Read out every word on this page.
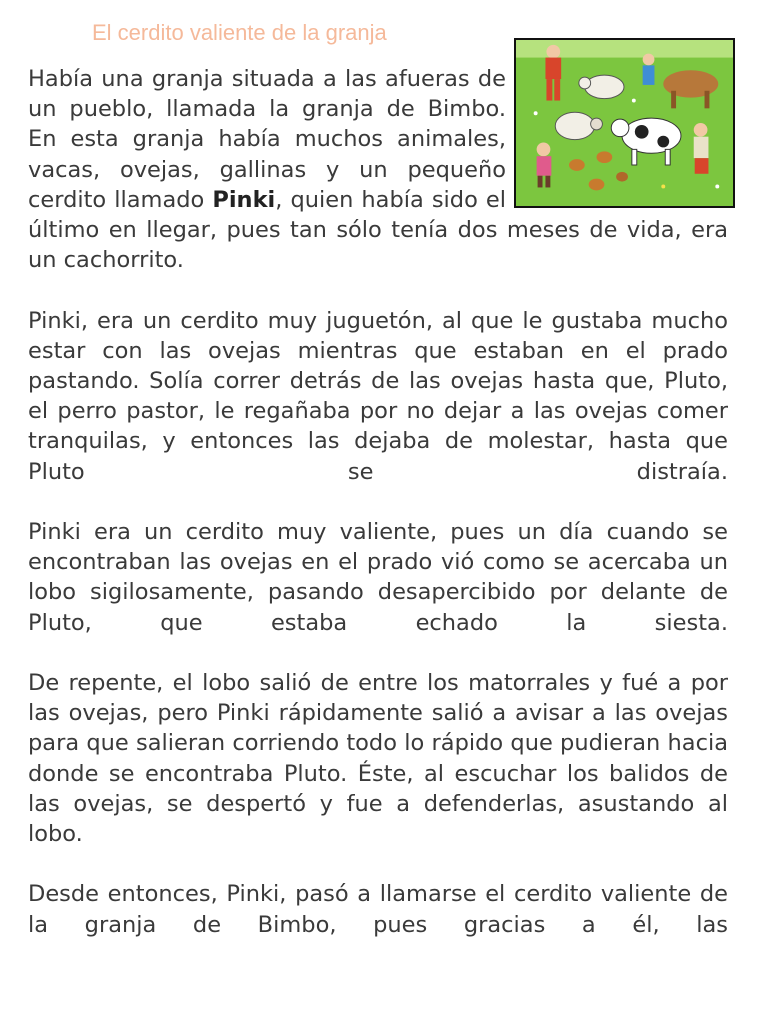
El cerdito valiente de la granja

Había una granja situada a las afueras de un pueblo, llamada la granja de Bimbo. En esta granja había muchos animales, vacas, ovejas, gallinas y un pequeño cerdito llamado Pinki, quien había sido el último en llegar, pues tan sólo tenía dos meses de vida, era un cachorrito.

Pinki, era un cerdito muy juguetón, al que le gustaba mucho estar con las ovejas mientras que estaban en el prado pastando. Solía correr detrás de las ovejas hasta que, Pluto, el perro pastor, le regañaba por no dejar a las ovejas comer tranquilas, y entonces las dejaba de molestar, hasta que Pluto se distraía.

Pinki era un cerdito muy valiente, pues un día cuando se encontraban las ovejas en el prado vió como se acercaba un lobo sigilosamente, pasando desapercibido por delante de Pluto, que estaba echado la siesta.

De repente, el lobo salió de entre los matorrales y fué a por las ovejas, pero Pinki rápidamente salió a avisar a las ovejas para que salieran corriendo todo lo rápido que pudieran hacia donde se encontraba Pluto. Éste, al escuchar los balidos de las ovejas, se despertó y fue a defenderlas, asustando al lobo.

Desde entonces, Pinki, pasó a llamarse el cerdito valiente de la granja de Bimbo, pues gracias a él, las
